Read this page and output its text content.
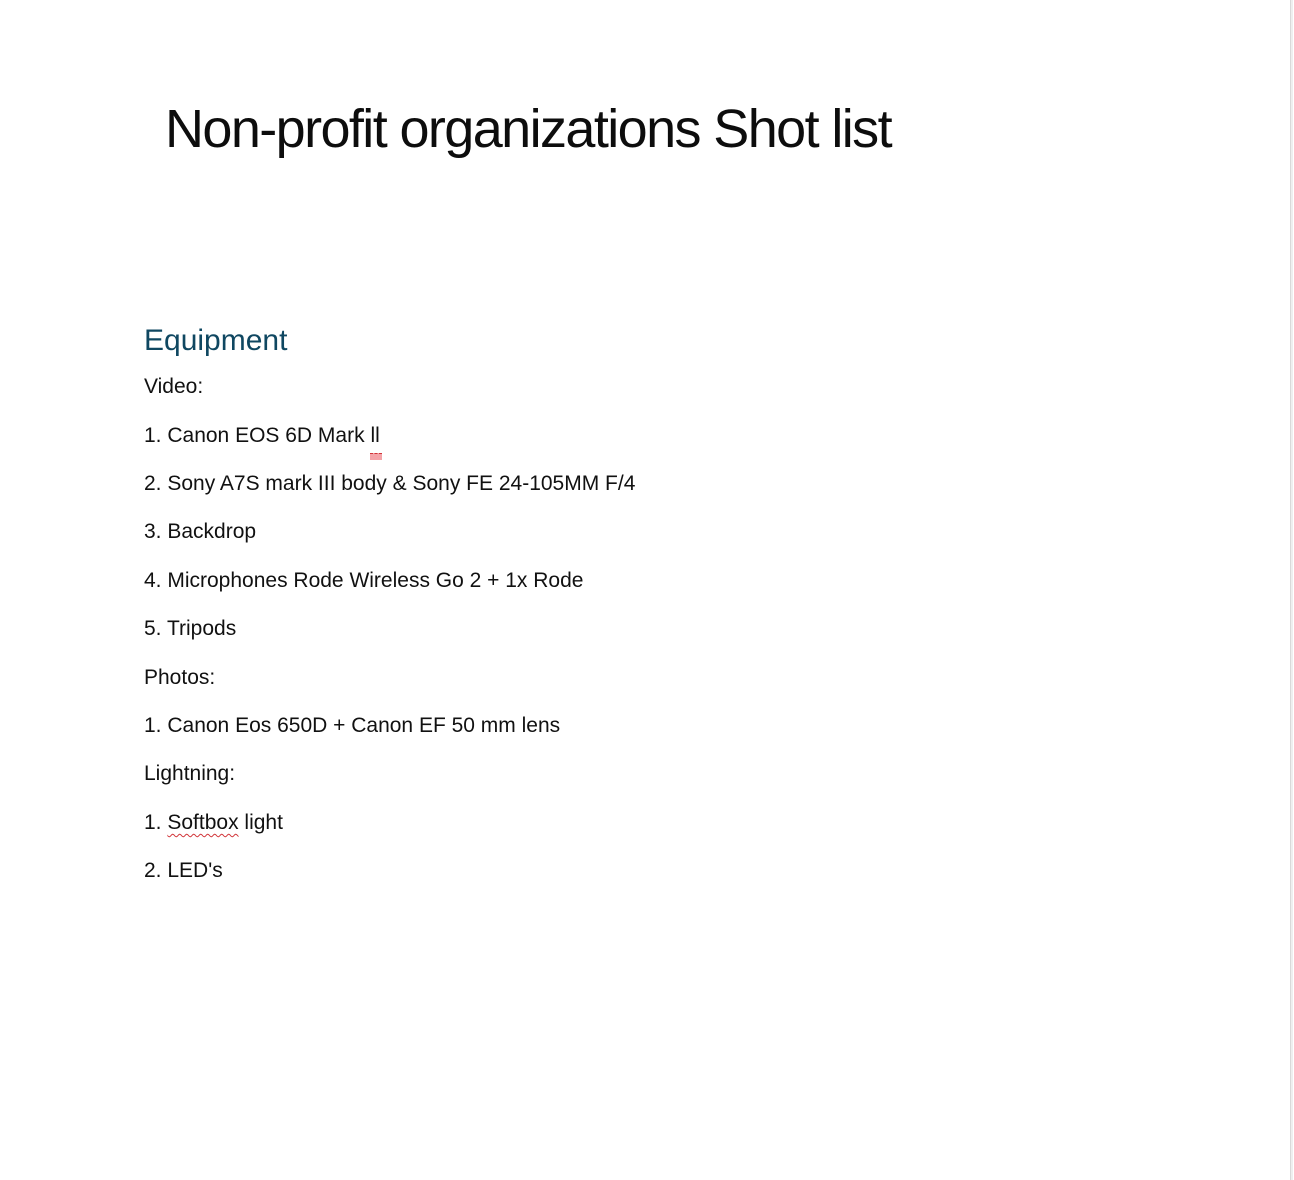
Non-profit organizations Shot list
Equipment

Video:

1. Canon EOS 6D Mark ll

2. Sony A7S mark III body & Sony FE 24-105MM F/4

3. Backdrop

4. Microphones Rode Wireless Go 2 + 1x Rode

5. Tripods

Photos:

1. Canon Eos 650D + Canon EF 50 mm lens

Lightning:

1. Softbox light

2. LED's
